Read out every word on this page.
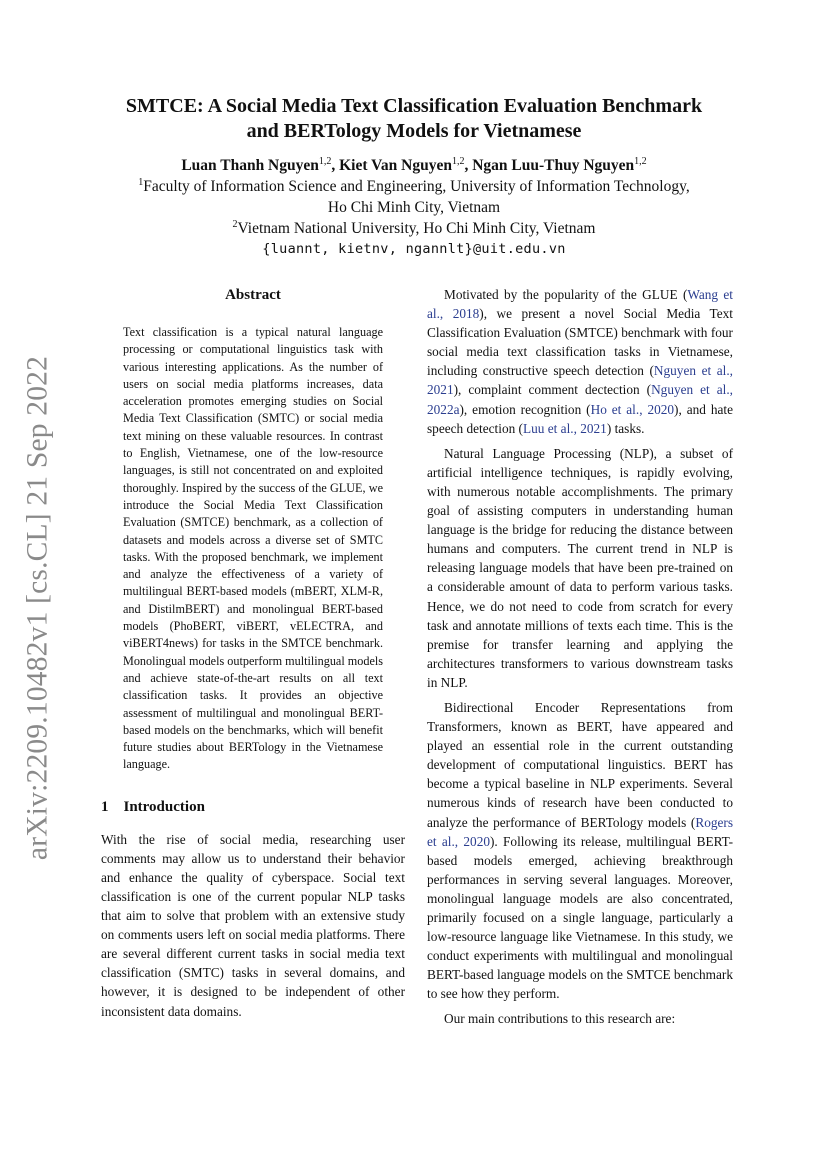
arXiv:2209.10482v1 [cs.CL] 21 Sep 2022
SMTCE: A Social Media Text Classification Evaluation Benchmark
and BERTology Models for Vietnamese
Luan Thanh Nguyen$^{1,2}$, Kiet Van Nguyen$^{1,2}$, Ngan Luu-Thuy Nguyen$^{1,2}$
$^1$Faculty of Information Science and Engineering, University of Information Technology,
Ho Chi Minh City, Vietnam
$^2$Vietnam National University, Ho Chi Minh City, Vietnam
{luannt, kietnv, ngannlt}@uit.edu.vn
Abstract

Text classification is a typical natural language processing or computational linguistics task with various interesting applications. As the number of users on social media platforms increases, data acceleration promotes emerging studies on Social Media Text Classification (SMTC) or social media text mining on these valuable resources. In contrast to English, Vietnamese, one of the low-resource languages, is still not concentrated on and exploited thoroughly. Inspired by the success of the GLUE, we introduce the Social Media Text Classification Evaluation (SMTCE) benchmark, as a collection of datasets and models across a diverse set of SMTC tasks. With the proposed benchmark, we implement and analyze the effectiveness of a variety of multilingual BERT-based models (mBERT, XLM-R, and DistilmBERT) and monolingual BERT-based models (PhoBERT, viBERT, vELECTRA, and viBERT4news) for tasks in the SMTCE benchmark. Monolingual models outperform multilingual models and achieve state-of-the-art results on all text classification tasks. It provides an objective assessment of multilingual and monolingual BERT-based models on the benchmarks, which will benefit future studies about BERTology in the Vietnamese language.

1 Introduction

With the rise of social media, researching user comments may allow us to understand their behavior and enhance the quality of cyberspace. Social text classification is one of the current popular NLP tasks that aim to solve that problem with an extensive study on comments users left on social media platforms. There are several different current tasks in social media text classification (SMTC) tasks in several domains, and however, it is designed to be independent of other inconsistent data domains.

Motivated by the popularity of the GLUE (Wang et al., 2018), we present a novel Social Media Text Classification Evaluation (SMTCE) benchmark with four social media text classification tasks in Vietnamese, including constructive speech detection (Nguyen et al., 2021), complaint comment dectection (Nguyen et al., 2022a), emotion recognition (Ho et al., 2020), and hate speech detection (Luu et al., 2021) tasks.

Natural Language Processing (NLP), a subset of artificial intelligence techniques, is rapidly evolving, with numerous notable accomplishments. The primary goal of assisting computers in understanding human language is the bridge for reducing the distance between humans and computers. The current trend in NLP is releasing language models that have been pre-trained on a considerable amount of data to perform various tasks. Hence, we do not need to code from scratch for every task and annotate millions of texts each time. This is the premise for transfer learning and applying the architectures transformers to various downstream tasks in NLP.

Bidirectional Encoder Representations from Transformers, known as BERT, have appeared and played an essential role in the current outstanding development of computational linguistics. BERT has become a typical baseline in NLP experiments. Several numerous kinds of research have been conducted to analyze the performance of BERTology models (Rogers et al., 2020). Following its release, multilingual BERT-based models emerged, achieving breakthrough performances in serving several languages. Moreover, monolingual language models are also concentrated, primarily focused on a single language, particularly a low-resource language like Vietnamese. In this study, we conduct experiments with multilingual and monolingual BERT-based language models on the SMTCE benchmark to see how they perform.

Our main contributions to this research are:
